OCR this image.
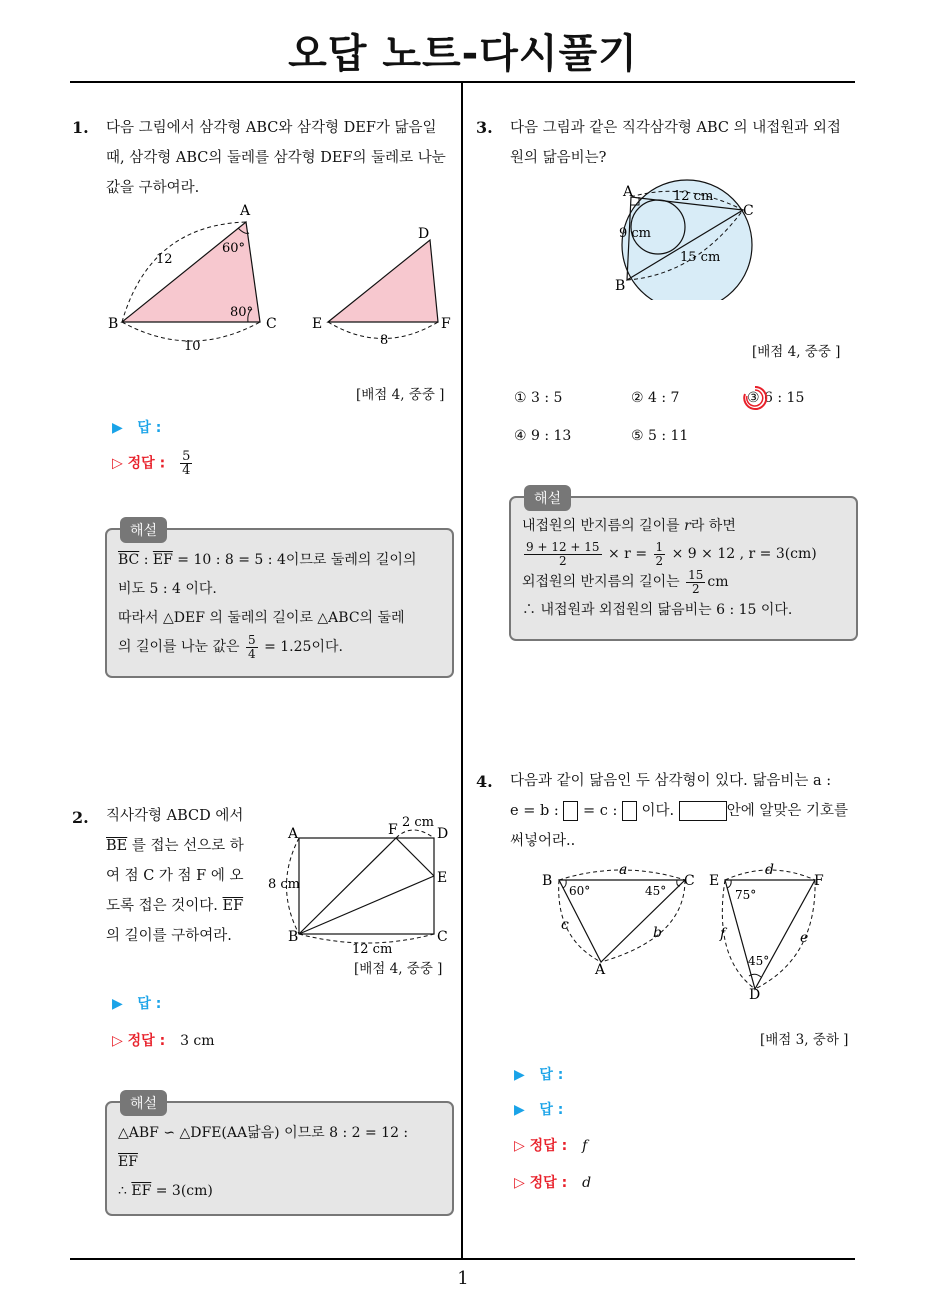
오답 노트-다시풀기
1
1. 다음 그림에서 삼각형 ABC와 삼각형 DEF가 닮음일
때, 삼각형 ABC의 둘레를 삼각형 DEF의 둘레로 나눈
값을 구하여라.
A
B	C
D
E	F
12
10	8
60°
80°
[배점 4, 중중 ]
▶ 답 :
▷ 정답 : $\frac{5}{4}$
해설
$\overline{BC}$ : $\overline{EF} = 10$ : 8 = 5 : 4이므로 둘레의 길이의
비도 5 : 4 이다.
따라서 △DEF 의 둘레의 길이로 △ABC의 둘레
의 길이를 나눈 값은 $\frac{5}{4} = 1.25$이다.
2. 직사각형 ABCD 에서
$\overline{BE}$ 를 접는 선으로 하
여 점 C 가 점 F 에 오
도록 접은 것이다. $\overline{EF}$
의 길이를 구하여라.
A
B	C
D
E
F 2 cm
8 cm
12 cm
[배점 4, 중중 ]
▶ 답 :
▷ 정답 : 3 cm
해설
△ABF ∽ △DFE(AA닮음) 이므로 8 : 2 = 12 :
$\overline{EF}$
∴ $\overline{EF} = 3(cm)$
3. 다음 그림과 같은 직각삼각형 ABC 의 내접원과 외접
원의 닮음비는?
A
B
C
12 cm
9 cm
15 cm
[배점 4, 중중 ]
① 3 : 5	② 4 : 7	③ 6 : 15
④ 9 : 13	⑤ 5 : 11
해설
내접원의 반지름의 길이를 r라 하면
$\frac{9 + 12 + 15}{2} \times r = \frac{1}{2} \times 9 \times 12$ , r = 3(cm)
외접원의 반지름의 길이는 $\frac{15}{2}$ cm
∴ 내접원과 외접원의 닮음비는 6 : 15 이다.
4. 다음과 같이 닮음인 두 삼각형이 있다. 닮음비는 a :
e = b : = c : 이다.	안에 알맞은 기호를
써넣어라..
B	C
A
E	F
D
60°	45°	75°
45°
a
b
c
d
e
f
[배점 3, 중하 ]
▶ 답 :
▶ 답 :
▷ 정답 : f
▷ 정답 : d
